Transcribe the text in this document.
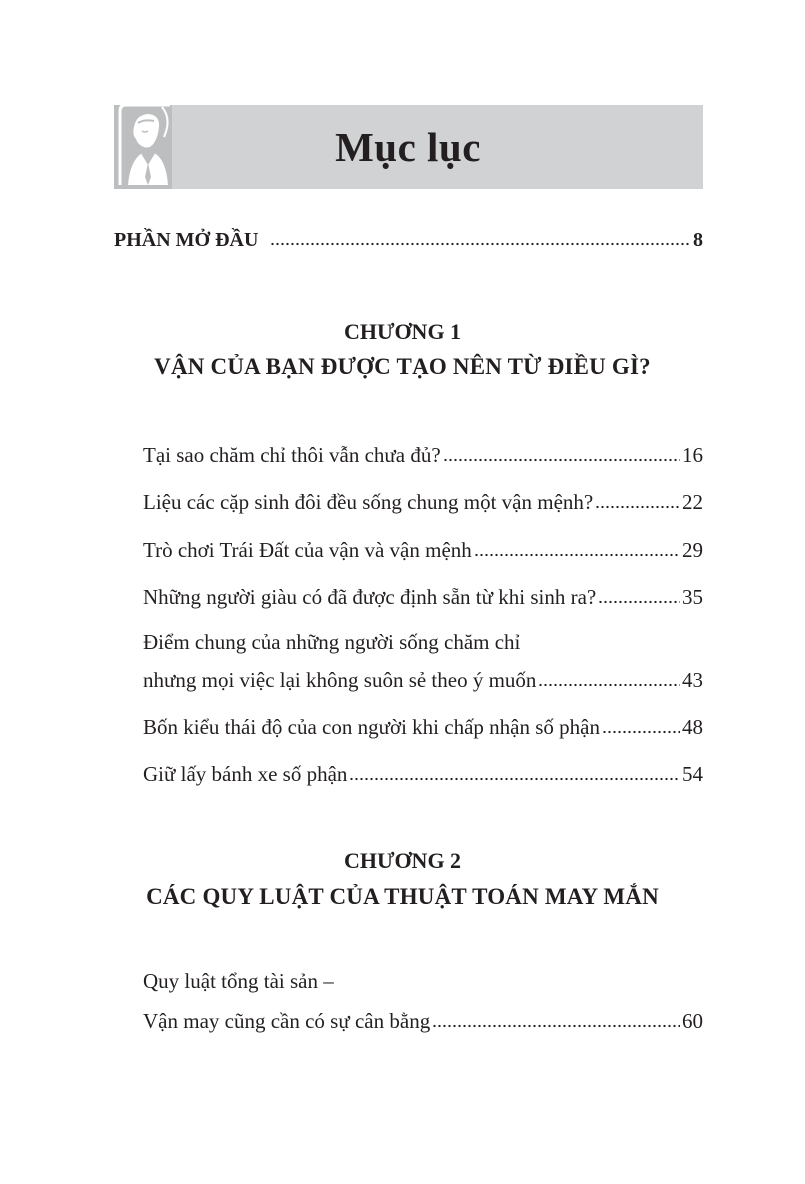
Mục lục
PHẦN MỞ ĐẦU	8
CHƯƠNG 1
VẬN CỦA BẠN ĐƯỢC TẠO NÊN TỪ ĐIỀU GÌ?
Tại sao chăm chỉ thôi vẫn chưa đủ?	16
Liệu các cặp sinh đôi đều sống chung một vận mệnh?	22
Trò chơi Trái Đất của vận và vận mệnh	29
Những người giàu có đã được định sẵn từ khi sinh ra?	35
Điểm chung của những người sống chăm chỉ
nhưng mọi việc lại không suôn sẻ theo ý muốn	43
Bốn kiểu thái độ của con người khi chấp nhận số phận	48
Giữ lấy bánh xe số phận	54
CHƯƠNG 2
CÁC QUY LUẬT CỦA THUẬT TOÁN MAY MẮN
Quy luật tổng tài sản –
Vận may cũng cần có sự cân bằng	60
